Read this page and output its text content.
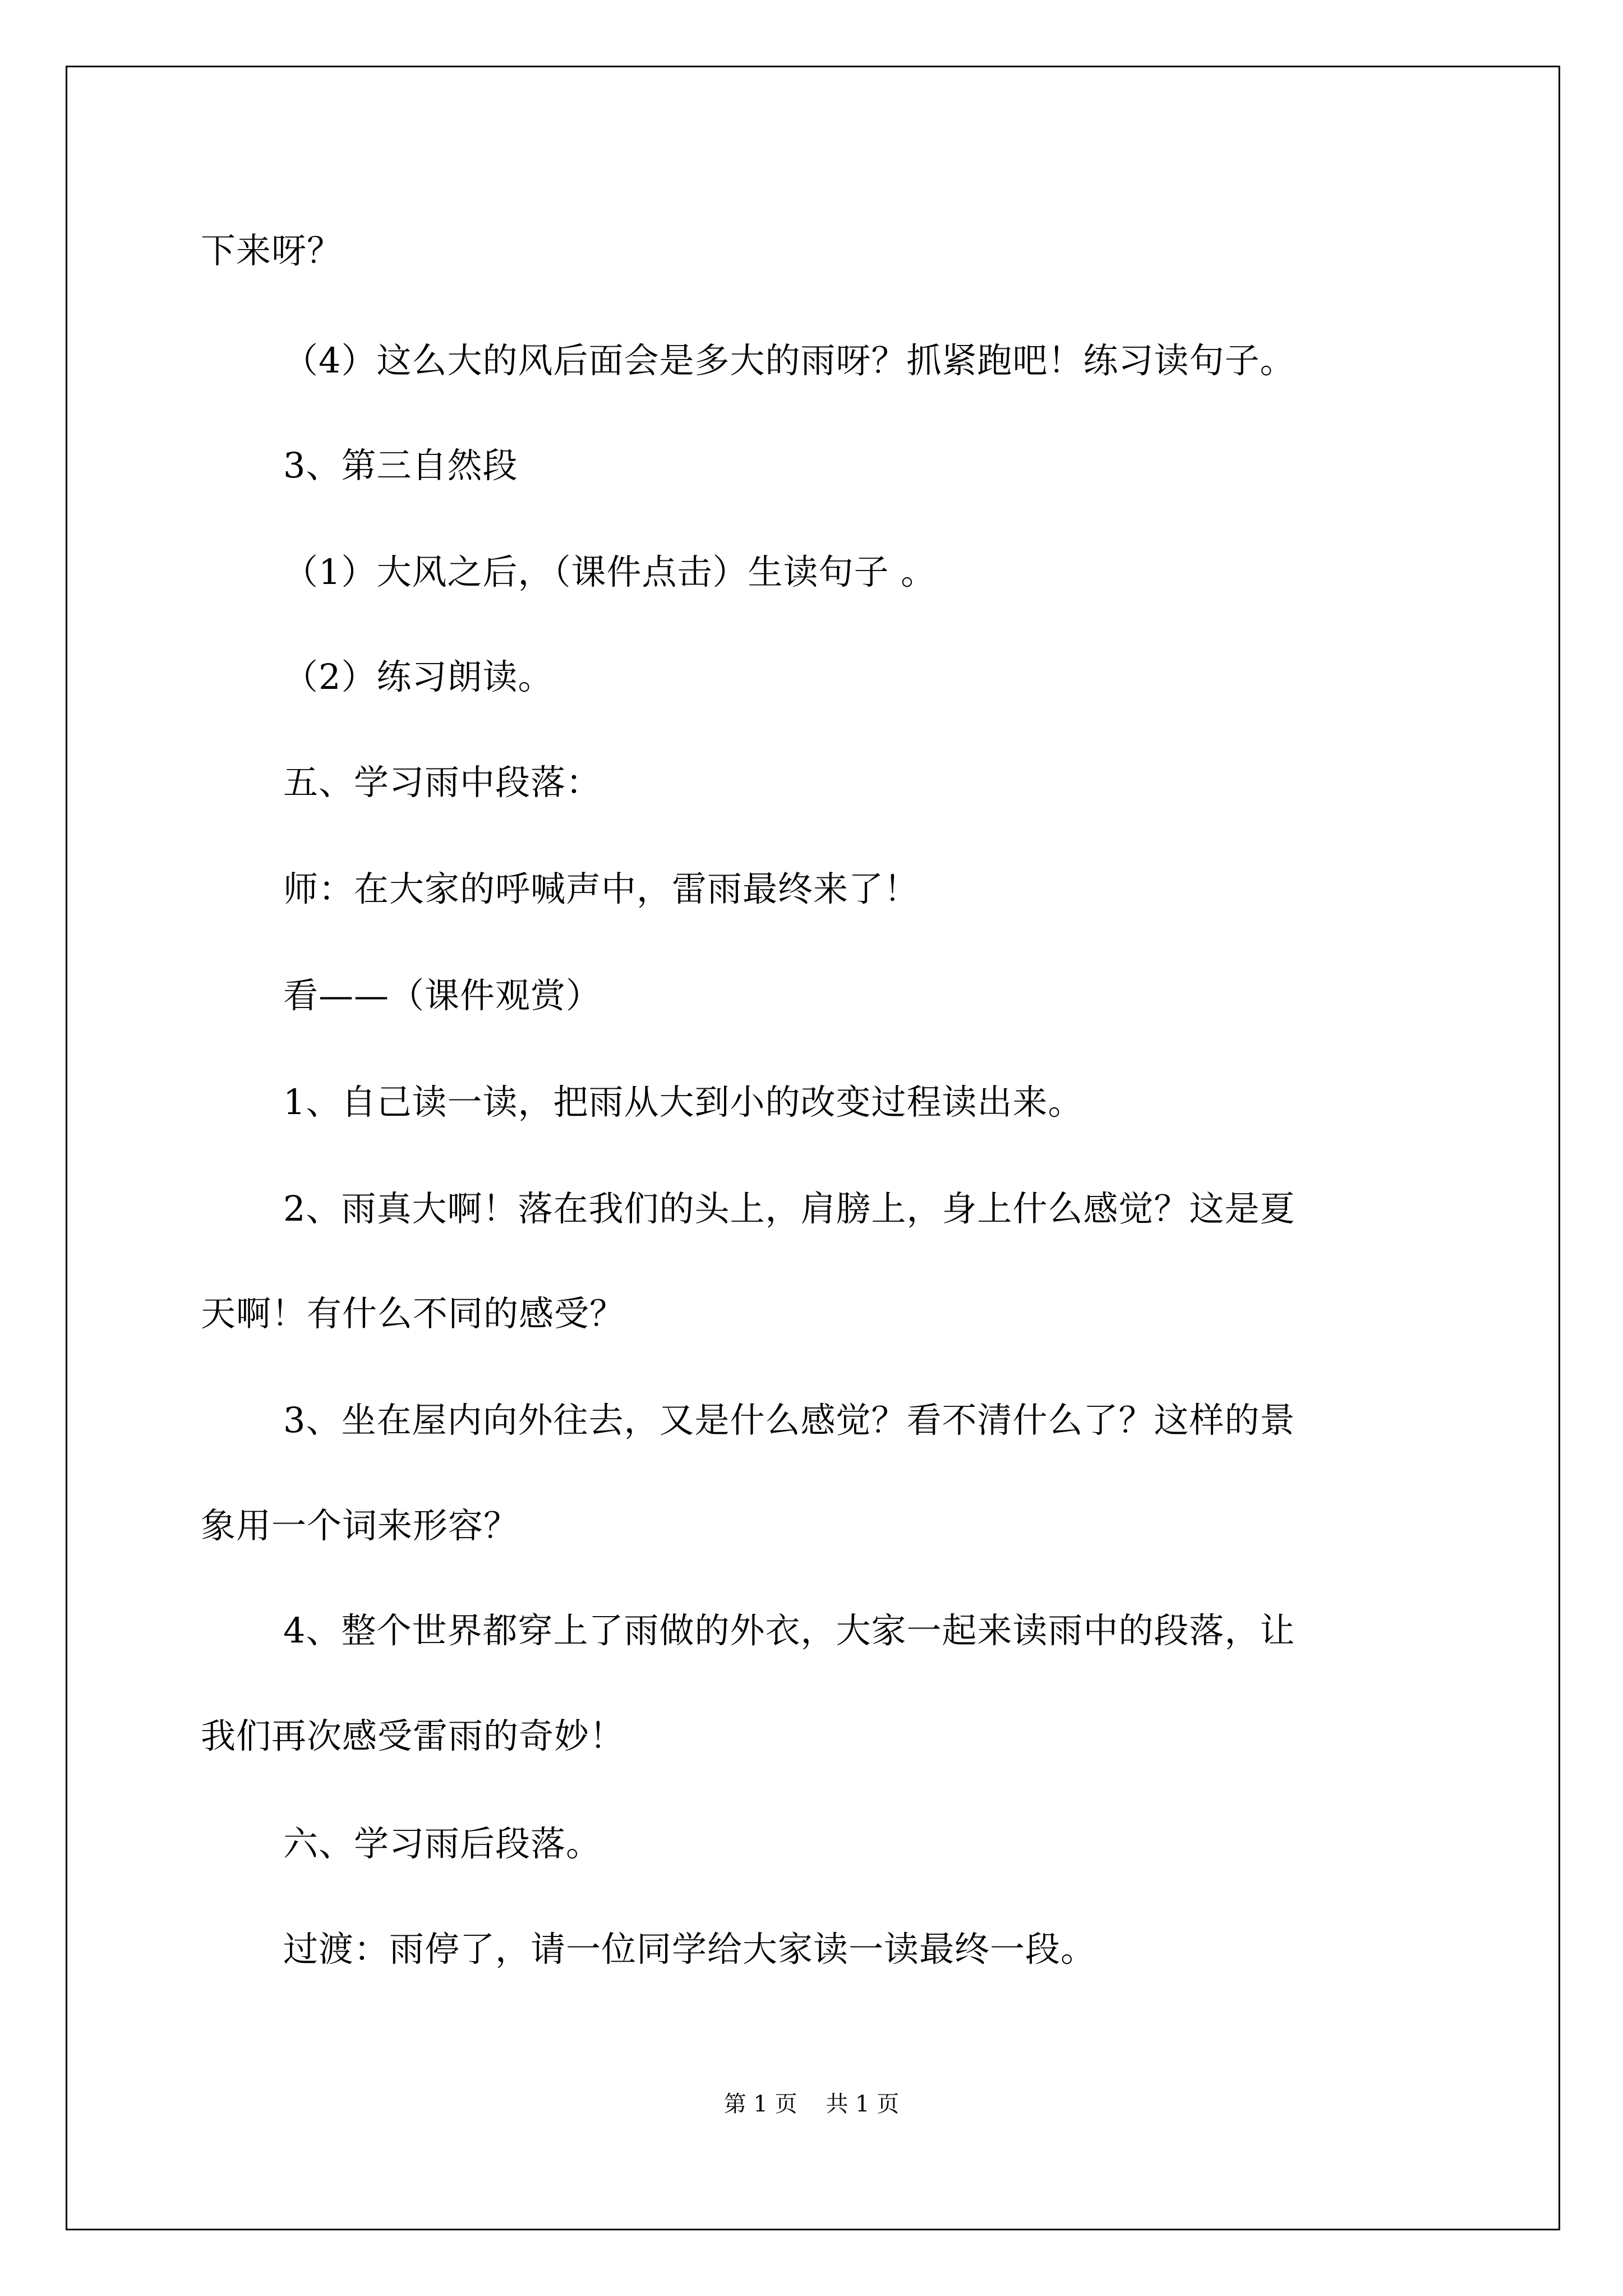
下来呀？
（4）这么大的风后面会是多大的雨呀？抓紧跑吧！练习读句子。
3、第三自然段
（1）大风之后，（课件点击）生读句子 。
（2）练习朗读。
五、学习雨中段落：
师：在大家的呼喊声中，雷雨最终来了！
看——（课件观赏）
1、自己读一读，把雨从大到小的改变过程读出来。
2、雨真大啊！落在我们的头上，肩膀上，身上什么感觉？这是夏
天啊！有什么不同的感受？
3、坐在屋内向外往去，又是什么感觉？看不清什么了？这样的景
象用一个词来形容？
4、整个世界都穿上了雨做的外衣，大家一起来读雨中的段落，让
我们再次感受雷雨的奇妙！
六、学习雨后段落。
过渡：雨停了，请一位同学给大家读一读最终一段。
第 1 页    共 1 页
